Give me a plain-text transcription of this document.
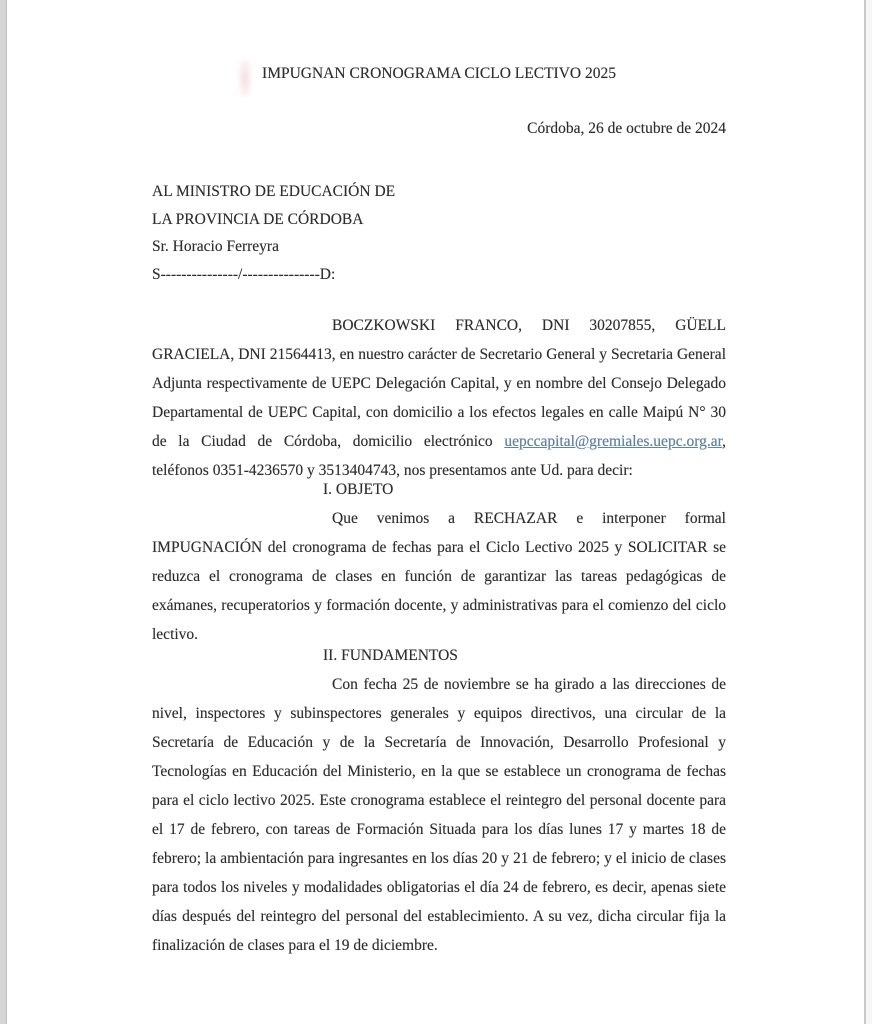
IMPUGNAN CRONOGRAMA CICLO LECTIVO 2025
Córdoba, 26 de octubre de 2024
AL MINISTRO DE EDUCACIÓN DE
LA PROVINCIA DE CÓRDOBA
Sr. Horacio Ferreyra
S---------------/---------------D:

BOCZKOWSKI FRANCO, DNI 30207855, GÜELL GRACIELA, DNI 21564413, en nuestro carácter de Secretario General y Secretaria General Adjunta respectivamente de UEPC Delegación Capital, y en nombre del Consejo Delegado Departamental de UEPC Capital, con domicilio a los efectos legales en calle Maipú N° 30 de la Ciudad de Córdoba, domicilio electrónico uepccapital@gremiales.uepc.org.ar, teléfonos 0351-4236570 y 3513404743, nos presentamos ante Ud. para decir:

I. OBJETO

Que venimos a RECHAZAR e interponer formal IMPUGNACIÓN del cronograma de fechas para el Ciclo Lectivo 2025 y SOLICITAR se reduzca el cronograma de clases en función de garantizar las tareas pedagógicas de exámanes, recuperatorios y formación docente, y administrativas para el comienzo del ciclo lectivo.

II. FUNDAMENTOS

Con fecha 25 de noviembre se ha girado a las direcciones de nivel, inspectores y subinspectores generales y equipos directivos, una circular de la Secretaría de Educación y de la Secretaría de Innovación, Desarrollo Profesional y Tecnologías en Educación del Ministerio, en la que se establece un cronograma de fechas para el ciclo lectivo 2025. Este cronograma establece el reintegro del personal docente para el 17 de febrero, con tareas de Formación Situada para los días lunes 17 y martes 18 de febrero; la ambientación para ingresantes en los días 20 y 21 de febrero; y el inicio de clases para todos los niveles y modalidades obligatorias el día 24 de febrero, es decir, apenas siete días después del reintegro del personal del establecimiento. A su vez, dicha circular fija la finalización de clases para el 19 de diciembre.
